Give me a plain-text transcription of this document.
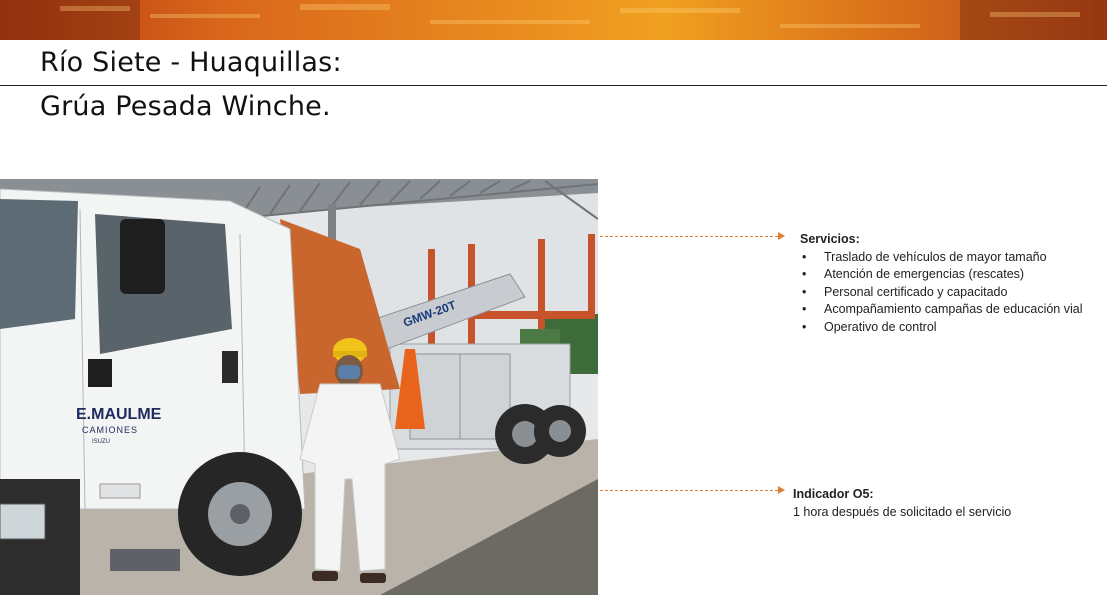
Río Siete - Huaquillas:
Grúa Pesada Winche.
GMW-20T
E.MAULME
CAMIONES
ISUZU
Servicios:
• Traslado de vehículos de mayor tamaño
• Atención de emergencias (rescates)
• Personal certificado y capacitado
• Acompañamiento campañas de educación vial
• Operativo de control
Indicador O5:
1 hora después de solicitado el servicio
